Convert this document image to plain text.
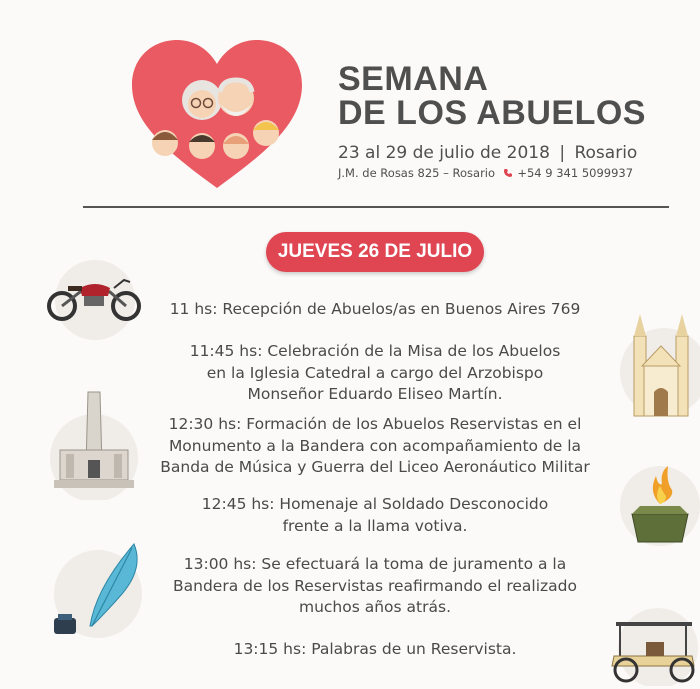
SEMANA
DE LOS ABUELOS
23 al 29 de julio de 2018 | Rosario
J.M. de Rosas 825 – Rosario +54 9 341 5099937
JUEVES 26 DE JULIO
11 hs: Recepción de Abuelos/as en Buenos Aires 769
11:45 hs: Celebración de la Misa de los Abuelos
en la Iglesia Catedral a cargo del Arzobispo
Monseñor Eduardo Eliseo Martín.
12:30 hs: Formación de los Abuelos Reservistas en el
Monumento a la Bandera con acompañamiento de la
Banda de Música y Guerra del Liceo Aeronáutico Militar
12:45 hs: Homenaje al Soldado Desconocido
frente a la llama votiva.
13:00 hs: Se efectuará la toma de juramento a la
Bandera de los Reservistas reafirmando el realizado
muchos años atrás.
13:15 hs: Palabras de un Reservista.
